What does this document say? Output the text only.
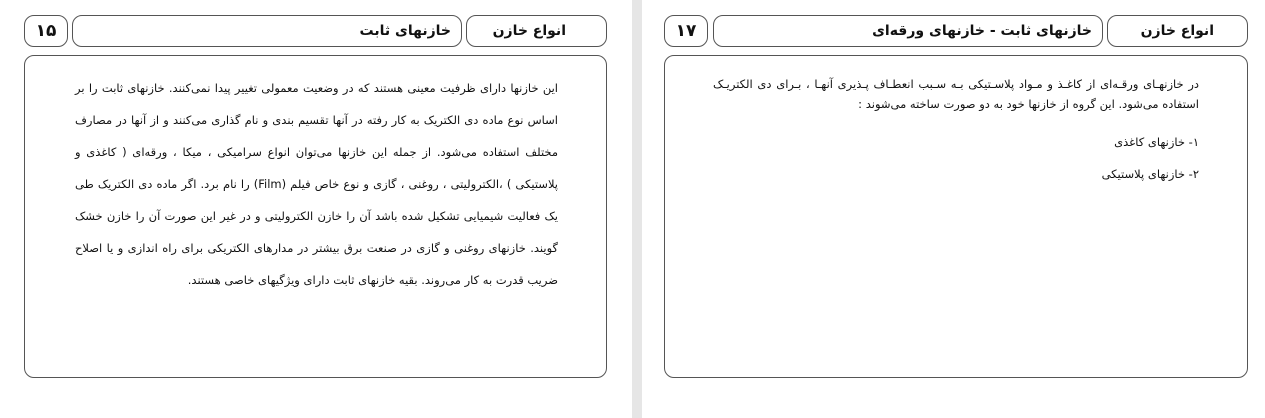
۱۵	خازنهای ثابت	انواع خازن
این خازنها دارای ظرفیت معینی هستند که در وضعیت معمولی تغییر پیدا نمی‌کنند. خازنهای ثابت را بر اساس نوع ماده دی الکتریک به کار رفته در آنها تقسیم بندی و نام گذاری می‌کنند و از آنها در مصارف مختلف استفاده می‌شود. از جمله این خازنها می‌توان انواع سرامیکی ، میکا ، ورقه‌ای ( کاغذی و پلاستیکی ) ،الکترولیتی ، روغنی ، گازی و نوع خاص فیلم (Film) را نام برد. اگر ماده دی الکتریک طی یک فعالیت شیمیایی تشکیل شده باشد آن را خازن الکترولیتی و در غیر این صورت آن را خازن خشک گویند. خازنهای روغنی و گازی در صنعت برق بیشتر در مدارهای الکتریکی برای راه اندازی و یا اصلاح ضریب قدرت به کار می‌روند. بقیه خازنهای ثابت دارای ویژگیهای خاصی هستند.
۱۷	خازنهای ثابت - خازنهای ورقه‌ای	انواع خازن
در خازنهـای ورقـه‌ای از کاغـذ و مـواد پلاسـتیکی بـه سـبب انعطـاف پـذیری آنهـا ، بـرای دی الکتریـک استفاده می‌شود. این گروه از خازنها خود به دو صورت ساخته می‌شوند :
۱- خازنهای کاغذی
۲- خازنهای پلاستیکی
